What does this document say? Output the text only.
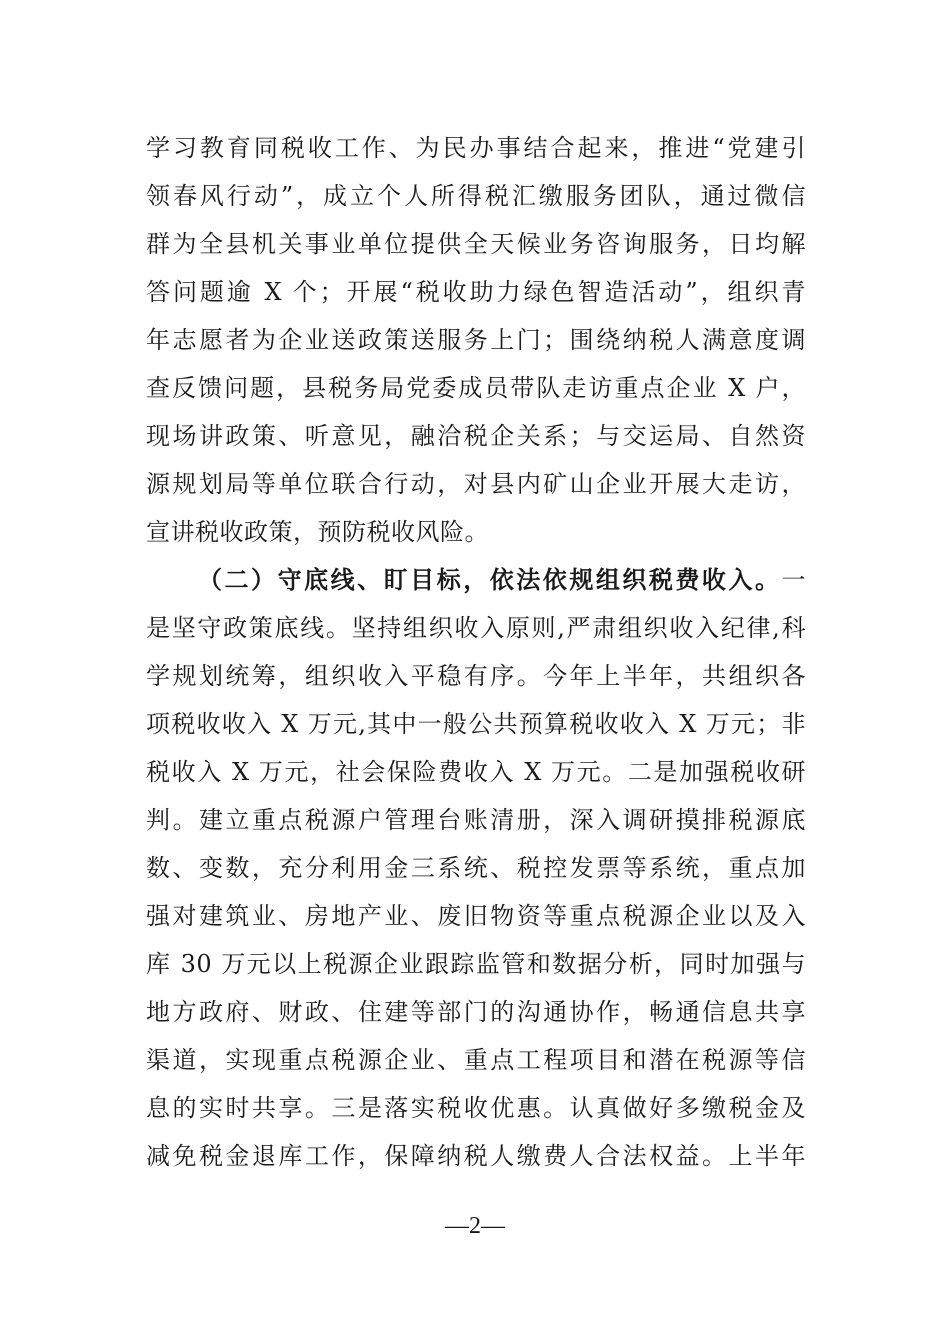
学习教育同税收工作、为民办事结合起来，推进“党建引
领春风行动”，成立个人所得税汇缴服务团队，通过微信
群为全县机关事业单位提供全天候业务咨询服务，日均解
答问题逾 X 个；开展“税收助力绿色智造活动”，组织青
年志愿者为企业送政策送服务上门；围绕纳税人满意度调
查反馈问题，县税务局党委成员带队走访重点企业 X 户，
现场讲政策、听意见，融洽税企关系；与交运局、自然资
源规划局等单位联合行动，对县内矿山企业开展大走访，
宣讲税收政策，预防税收风险。
（二）守底线、盯目标，依法依规组织税费收入。一
是坚守政策底线。坚持组织收入原则,严肃组织收入纪律,科
学规划统筹，组织收入平稳有序。今年上半年，共组织各
项税收收入 X 万元,其中一般公共预算税收收入 X 万元；非
税收入 X 万元，社会保险费收入 X 万元。二是加强税收研
判。建立重点税源户管理台账清册，深入调研摸排税源底
数、变数，充分利用金三系统、税控发票等系统，重点加
强对建筑业、房地产业、废旧物资等重点税源企业以及入
库 30 万元以上税源企业跟踪监管和数据分析，同时加强与
地方政府、财政、住建等部门的沟通协作，畅通信息共享
渠道，实现重点税源企业、重点工程项目和潜在税源等信
息的实时共享。三是落实税收优惠。认真做好多缴税金及
减免税金退库工作，保障纳税人缴费人合法权益。上半年
—2—
